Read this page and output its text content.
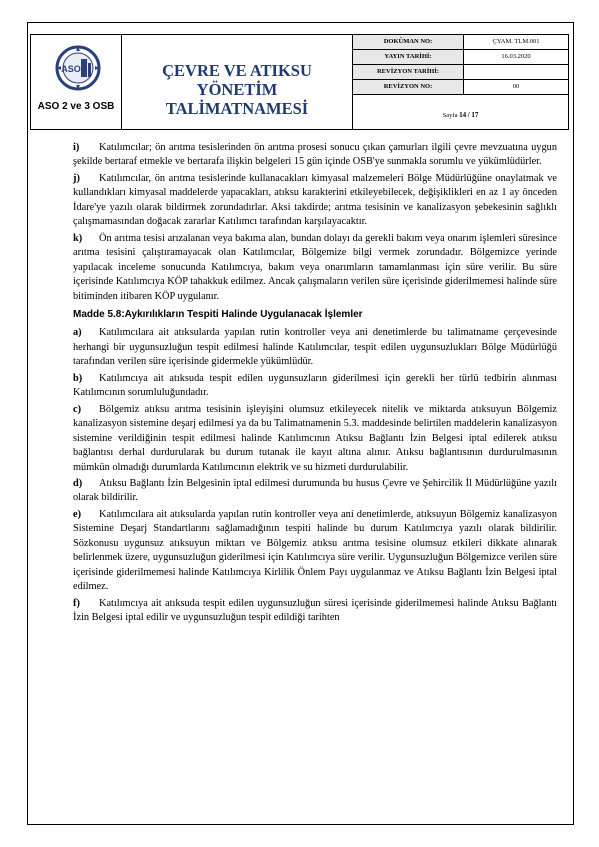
ASO
ASO 2 ve 3 OSB
ÇEVRE VE ATIKSU YÖNETİM
TALİMATNAMESİ
DOKÜMAN NO:	ÇYAM. TLM.001
YAYIN TARİHİ:	16.03.2020
REVİZYON TARİHİ:
REVİZYON NO:	00
Sayfa 14 / 17

i) Katılımcılar; ön arıtma tesislerinden ön arıtma prosesi sonucu çıkan çamurları ilgili çevre mevzuatına uygun şekilde bertaraf etmekle ve bertarafa ilişkin belgeleri 15 gün içinde OSB'ye sunmakla sorumlu ve yükümlüdürler.

j) Katılımcılar, ön arıtma tesislerinde kullanacakları kimyasal malzemeleri Bölge Müdürlüğüne onaylatmak ve kullandıkları kimyasal maddelerde yapacakları, atıksu karakterini etkileyebilecek, değişiklikleri en az 1 ay önceden İdare'ye yazılı olarak bildirmek zorundadırlar. Aksi takdirde; arıtma tesisinin ve kanalizasyon şebekesinin sağlıklı çalışmamasından doğacak zararlar Katılımcı tarafından karşılayacaktır.

k) Ön arıtma tesisi arızalanan veya bakıma alan, bundan dolayı da gerekli bakım veya onarım işlemleri süresince arıtma tesisini çalıştıramayacak olan Katılımcılar, Bölgemize bilgi vermek zorundadır. Bölgemizce yerinde yapılacak inceleme sonucunda Katılımcıya, bakım veya onarımların tamamlanması için süre verilir. Bu süre içerisinde Katılımcıya KÖP tahakkuk edilmez. Ancak çalışmaların verilen süre içerisinde giderilmemesi halinde süre bitiminden itibaren KÖP uygulanır.

Madde 5.8:Aykırılıkların Tespiti Halinde Uygulanacak İşlemler

a) Katılımcılara ait atıksularda yapılan rutin kontroller veya ani denetimlerde bu talimatname çerçevesinde herhangi bir uygunsuzluğun tespit edilmesi halinde Katılımcılar, tespit edilen uygunsuzlukları Bölge Müdürlüğü tarafından verilen süre içerisinde gidermekle yükümlüdür.

b) Katılımcıya ait atıksuda tespit edilen uygunsuzların giderilmesi için gerekli her türlü tedbirin alınması Katılımcının sorumluluğundadır.

c) Bölgemiz atıksu arıtma tesisinin işleyişini olumsuz etkileyecek nitelik ve miktarda atıksuyun Bölgemiz kanalizasyon sistemine deşarj edilmesi ya da bu Talimatnamenin 5.3. maddesinde belirtilen maddelerin kanalizasyon sistemine verildiğinin tespit edilmesi halinde Katılımcının Atıksu Bağlantı İzin Belgesi iptal edilerek atıksu bağlantısı derhal durdurularak bu durum tutanak ile kayıt altına alınır. Atıksu bağlantısının durdurulmasının mümkün olmadığı durumlarda Katılımcının elektrik ve su hizmeti durdurulabilir.

d) Atıksu Bağlantı İzin Belgesinin iptal edilmesi durumunda bu husus Çevre ve Şehircilik İl Müdürlüğüne yazılı olarak bildirilir.

e) Katılımcılara ait atıksularda yapılan rutin kontroller veya ani denetimlerde, atıksuyun Bölgemiz kanalizasyon Sistemine Deşarj Standartlarını sağlamadığının tespiti halinde bu durum Katılımcıya yazılı olarak bildirilir. Sözkonusu uygunsuz atıksuyun miktarı ve Bölgemiz atıksu arıtma tesisine olumsuz etkileri dikkate alınarak belirlenmek üzere, uygunsuzluğun giderilmesi için Katılımcıya süre verilir. Uygunsuzluğun Bölgemizce verilen süre içerisinde giderilmemesi halinde Katılımcıya Kirlilik Önlem Payı uygulanmaz ve Atıksu Bağlantı İzin Belgesi iptal edilmez.

f) Katılımcıya ait atıksuda tespit edilen uygunsuzluğun süresi içerisinde giderilmemesi halinde Atıksu Bağlantı İzin Belgesi iptal edilir ve uygunsuzluğun tespit edildiği tarihten
